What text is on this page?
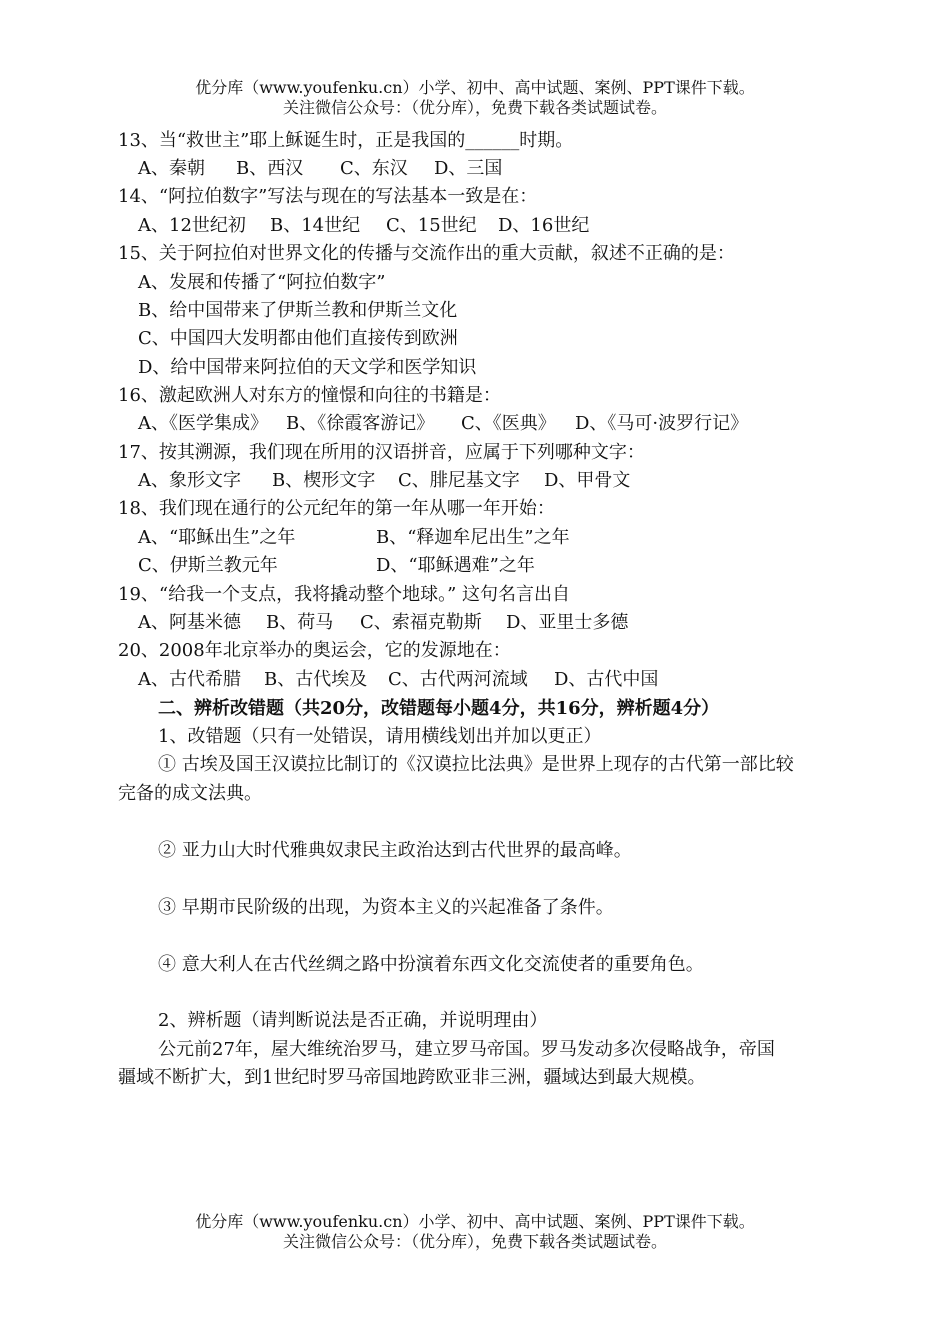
优分库（www.youfenku.cn）小学、初中、高中试题、案例、PPT课件下载。
关注微信公众号：（优分库），免费下载各类试题试卷。
13、当“救世主”耶上稣诞生时，正是我国的______时期。
A、秦朝 B、西汉 C、东汉 D、三国
14、“阿拉伯数字”写法与现在的写法基本一致是在：
A、12世纪初 B、14世纪 C、15世纪 D、16世纪
15、关于阿拉伯对世界文化的传播与交流作出的重大贡献，叙述不正确的是：
A、发展和传播了“阿拉伯数字”
B、给中国带来了伊斯兰教和伊斯兰文化
C、中国四大发明都由他们直接传到欧洲
D、给中国带来阿拉伯的天文学和医学知识
16、激起欧洲人对东方的憧憬和向往的书籍是：
A、《医学集成》 B、《徐霞客游记》 C、《医典》 D、《马可·波罗行记》
17、按其溯源，我们现在所用的汉语拼音，应属于下列哪种文字：
A、象形文字 B、楔形文字 C、腓尼基文字 D、甲骨文
18、我们现在通行的公元纪年的第一年从哪一年开始：
A、“耶稣出生”之年	B、“释迦牟尼出生”之年
C、伊斯兰教元年	D、“耶稣遇难”之年
19、“给我一个支点，我将撬动整个地球。” 这句名言出自
A、阿基米德 B、荷马 C、索福克勒斯 D、亚里士多德
20、2008年北京举办的奥运会，它的发源地在：
A、古代希腊 B、古代埃及 C、古代两河流域 D、古代中国
二、辨析改错题（共20分，改错题每小题4分，共16分，辨析题4分）
1、改错题（只有一处错误，请用横线划出并加以更正）
① 古埃及国王汉谟拉比制订的《汉谟拉比法典》是世界上现存的古代第一部比较
完备的成文法典。
② 亚力山大时代雅典奴隶民主政治达到古代世界的最高峰。
③ 早期市民阶级的出现，为资本主义的兴起准备了条件。
④ 意大利人在古代丝绸之路中扮演着东西文化交流使者的重要角色。
2、辨析题（请判断说法是否正确，并说明理由）
公元前27年，屋大维统治罗马，建立罗马帝国。罗马发动多次侵略战争，帝国
疆域不断扩大，到1世纪时罗马帝国地跨欧亚非三洲，疆域达到最大规模。
优分库（www.youfenku.cn）小学、初中、高中试题、案例、PPT课件下载。
关注微信公众号：（优分库），免费下载各类试题试卷。
